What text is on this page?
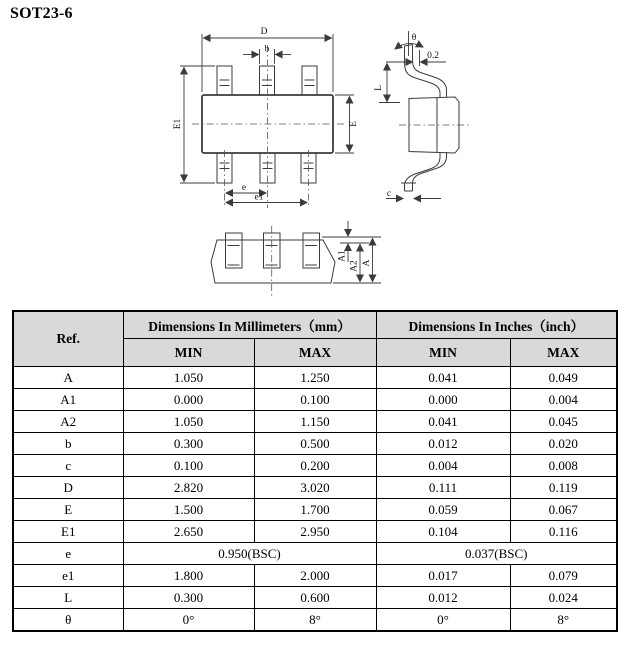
SOT23-6
D
b
E1	E
e
e1
θ
0.2
L
c
A1
A2 A
Ref.	Dimensions In Millimeters（mm）		Dimensions In Inches（inch）	
	MIN	MAX	MIN	MAX
A	1.050	1.250	0.041	0.049
A1	0.000	0.100	0.000	0.004
A2	1.050	1.150	0.041	0.045
b	0.300	0.500	0.012	0.020
c	0.100	0.200	0.004	0.008
D	2.820	3.020	0.111	0.119
E	1.500	1.700	0.059	0.067
E1	2.650	2.950	0.104	0.116
e	0.950(BSC)		0.037(BSC)	
e1	1.800	2.000	0.017	0.079
L	0.300	0.600	0.012	0.024
θ	0°	8°	0°	8°
